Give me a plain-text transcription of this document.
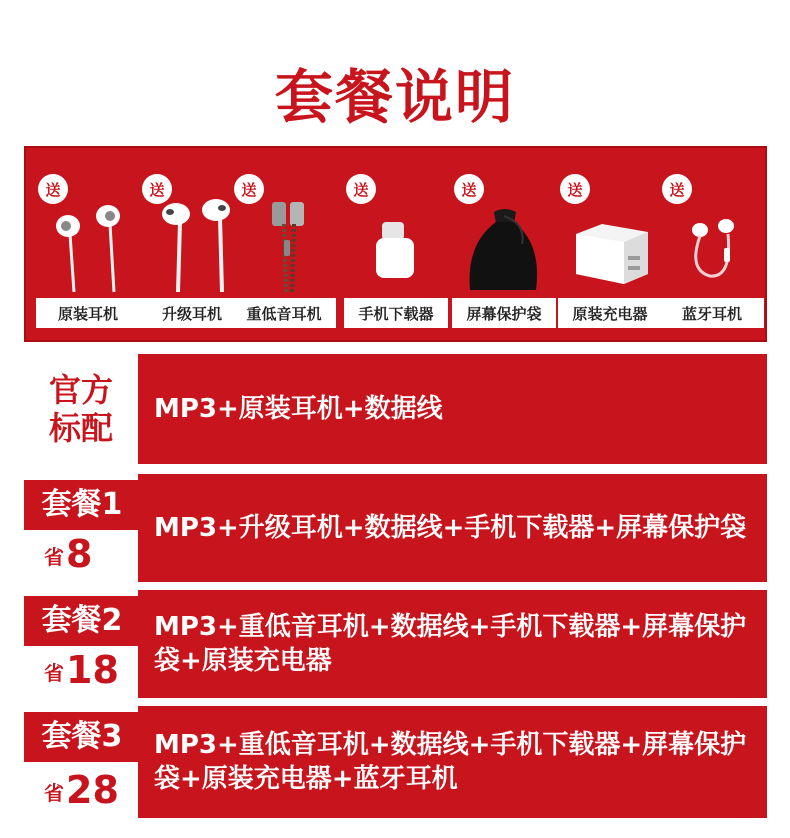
套餐说明
送
原装耳机
送
升级耳机
送
重低音耳机
送
手机下载器
送
屏幕保护袋
送
原装充电器
送
蓝牙耳机
官方
标配	MP3+原装耳机+数据线
套餐1
省 8
MP3+升级耳机+数据线+手机下载器+屏幕保护袋
套餐2
省 18
MP3+重低音耳机+数据线+手机下载器+屏幕保护袋+原装充电器
套餐3
省 28
MP3+重低音耳机+数据线+手机下载器+屏幕保护袋+原装充电器+蓝牙耳机
